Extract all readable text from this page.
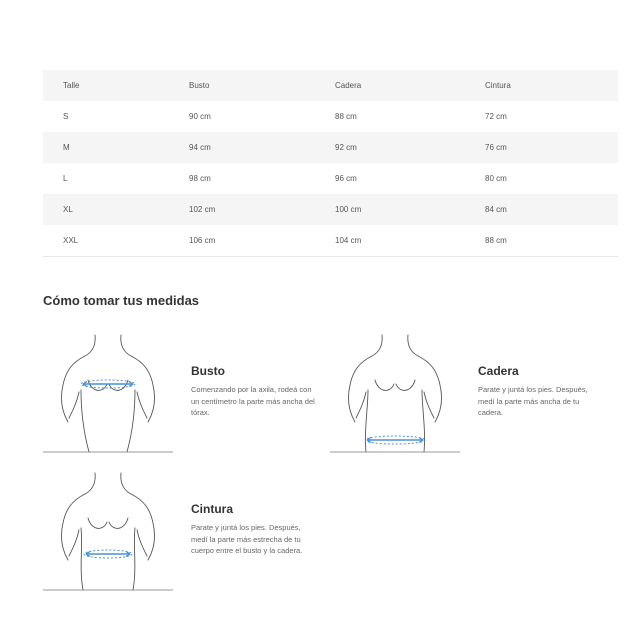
Talle	Busto	Cadera	Cintura
S	90 cm	88 cm	72 cm
M	94 cm	92 cm	76 cm
L	98 cm	96 cm	80 cm
XL	102 cm	100 cm	84 cm
XXL	106 cm	104 cm	88 cm
Cómo tomar tus medidas
Busto
Comenzando por la axila, rodeá con un centímetro la parte más ancha del tórax.
Cadera
Parate y juntá los pies. Después, medí la parte más ancha de tu cadera.
Cintura
Parate y juntá los pies. Después, medí la parte más estrecha de tu cuerpo entre el busto y la cadera.
